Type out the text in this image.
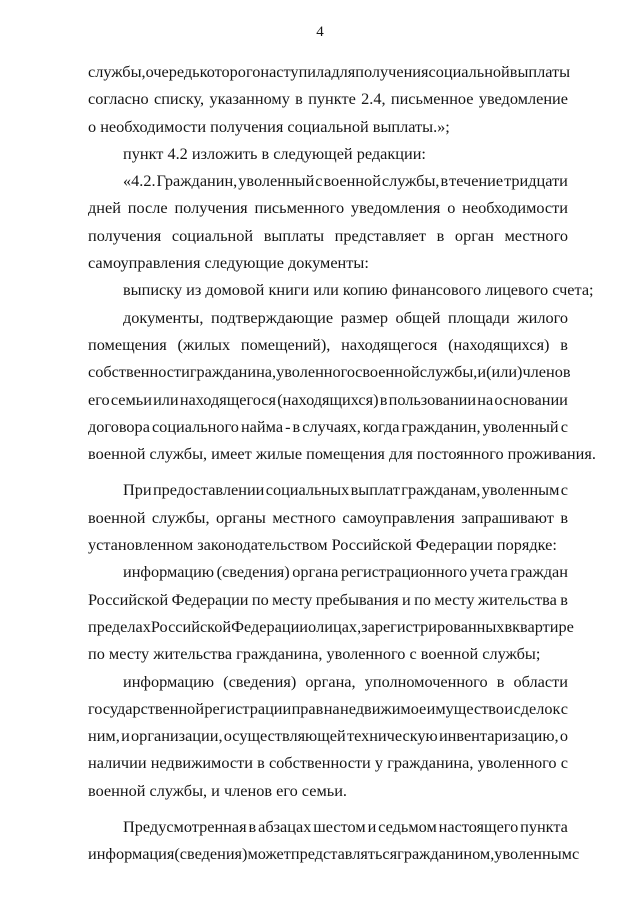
4
службы, очередь которого наступила для получения социальной выплаты
согласно списку, указанному в пункте 2.4, письменное уведомление
о необходимости получения социальной выплаты.»;
пункт 4.2 изложить в следующей редакции:
«4.2. Гражданин, уволенный с военной службы, в течение тридцати
дней после получения письменного уведомления о необходимости
получения социальной выплаты представляет в орган местного
самоуправления следующие документы:
выписку из домовой книги или копию финансового лицевого счета;
документы, подтверждающие размер общей площади жилого
помещения (жилых помещений), находящегося (находящихся) в
собственности гражданина, уволенного с военной службы, и (или) членов
его семьи или находящегося (находящихся) в пользовании на основании
договора социального найма - в случаях, когда гражданин, уволенный с
военной службы, имеет жилые помещения для постоянного проживания.
При предоставлении социальных выплат гражданам, уволенным с
военной службы, органы местного самоуправления запрашивают в
установленном законодательством Российской Федерации порядке:
информацию (сведения) органа регистрационного учета граждан
Российской Федерации по месту пребывания и по месту жительства в
пределах Российской Федерации о лицах, зарегистрированных в квартире
по месту жительства гражданина, уволенного с военной службы;
информацию (сведения) органа, уполномоченного в области
государственной регистрации прав на недвижимое имущество и сделок с
ним, и организации, осуществляющей техническую инвентаризацию, о
наличии недвижимости в собственности у гражданина, уволенного с
военной службы, и членов его семьи.
Предусмотренная в абзацах шестом и седьмом настоящего пункта
информация (сведения) может представляться гражданином, уволенным с
